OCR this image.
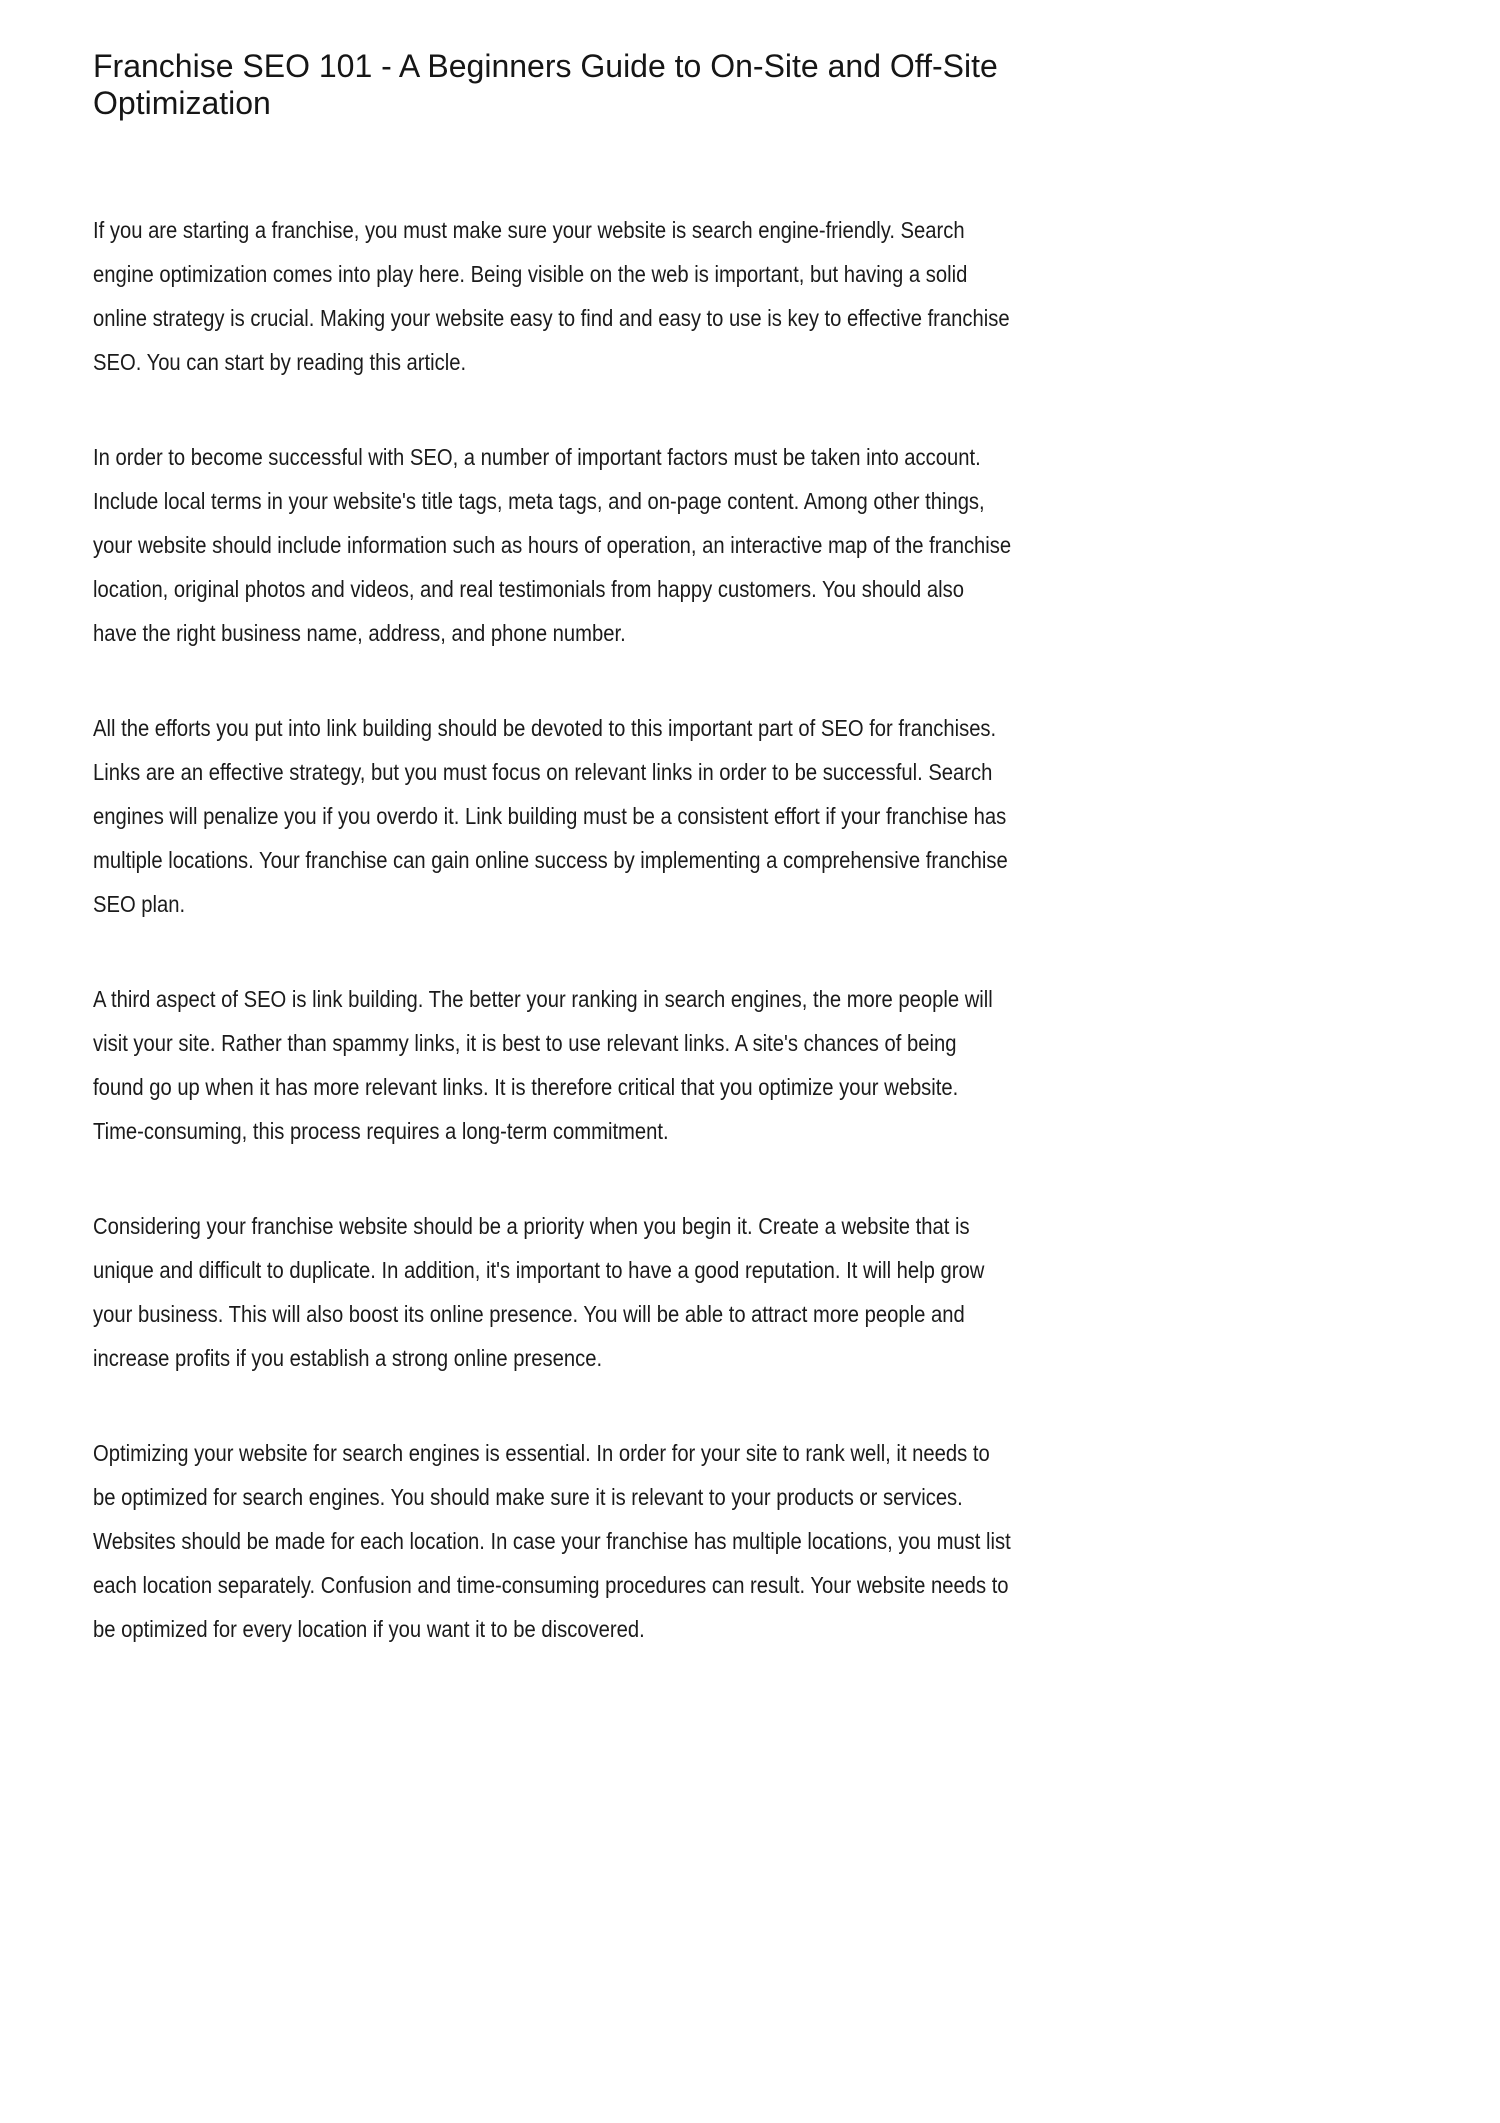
Franchise SEO 101 - A Beginners Guide to On-Site and Off-Site Optimization

If you are starting a franchise, you must make sure your website is search engine-friendly. Search engine optimization comes into play here. Being visible on the web is important, but having a solid online strategy is crucial. Making your website easy to find and easy to use is key to effective franchise SEO. You can start by reading this article.

In order to become successful with SEO, a number of important factors must be taken into account. Include local terms in your website's title tags, meta tags, and on-page content. Among other things, your website should include information such as hours of operation, an interactive map of the franchise location, original photos and videos, and real testimonials from happy customers. You should also have the right business name, address, and phone number.

All the efforts you put into link building should be devoted to this important part of SEO for franchises. Links are an effective strategy, but you must focus on relevant links in order to be successful. Search engines will penalize you if you overdo it. Link building must be a consistent effort if your franchise has multiple locations. Your franchise can gain online success by implementing a comprehensive franchise SEO plan.

A third aspect of SEO is link building. The better your ranking in search engines, the more people will visit your site. Rather than spammy links, it is best to use relevant links. A site's chances of being found go up when it has more relevant links. It is therefore critical that you optimize your website. Time-consuming, this process requires a long-term commitment.

Considering your franchise website should be a priority when you begin it. Create a website that is unique and difficult to duplicate. In addition, it's important to have a good reputation. It will help grow your business. This will also boost its online presence. You will be able to attract more people and increase profits if you establish a strong online presence.

Optimizing your website for search engines is essential. In order for your site to rank well, it needs to be optimized for search engines. You should make sure it is relevant to your products or services. Websites should be made for each location. In case your franchise has multiple locations, you must list each location separately. Confusion and time-consuming procedures can result. Your website needs to be optimized for every location if you want it to be discovered.
